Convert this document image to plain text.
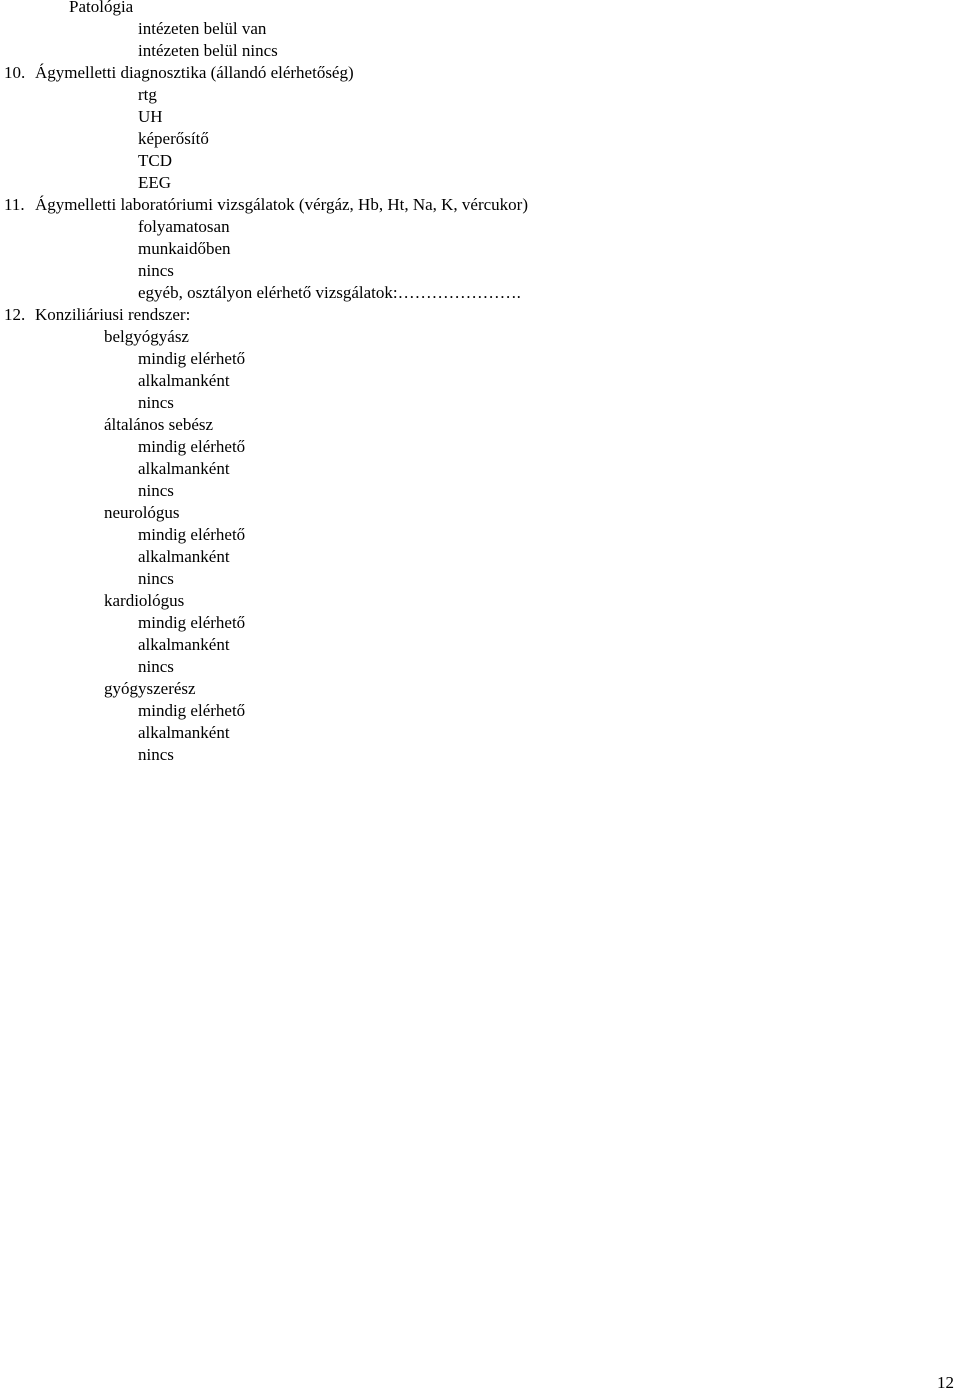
Patológia
intézeten belül van
intézeten belül nincs
10. Ágymelletti diagnosztika (állandó elérhetőség)
rtg
UH
képerősítő
TCD
EEG
11. Ágymelletti laboratóriumi vizsgálatok (vérgáz, Hb, Ht, Na, K, vércukor)
folyamatosan
munkaidőben
nincs
egyéb, osztályon elérhető vizsgálatok:………………….
12. Konziliáriusi rendszer:
belgyógyász
mindig elérhető
alkalmanként
nincs
általános sebész
mindig elérhető
alkalmanként
nincs
neurológus
mindig elérhető
alkalmanként
nincs
kardiológus
mindig elérhető
alkalmanként
nincs
gyógyszerész
mindig elérhető
alkalmanként
nincs
12
